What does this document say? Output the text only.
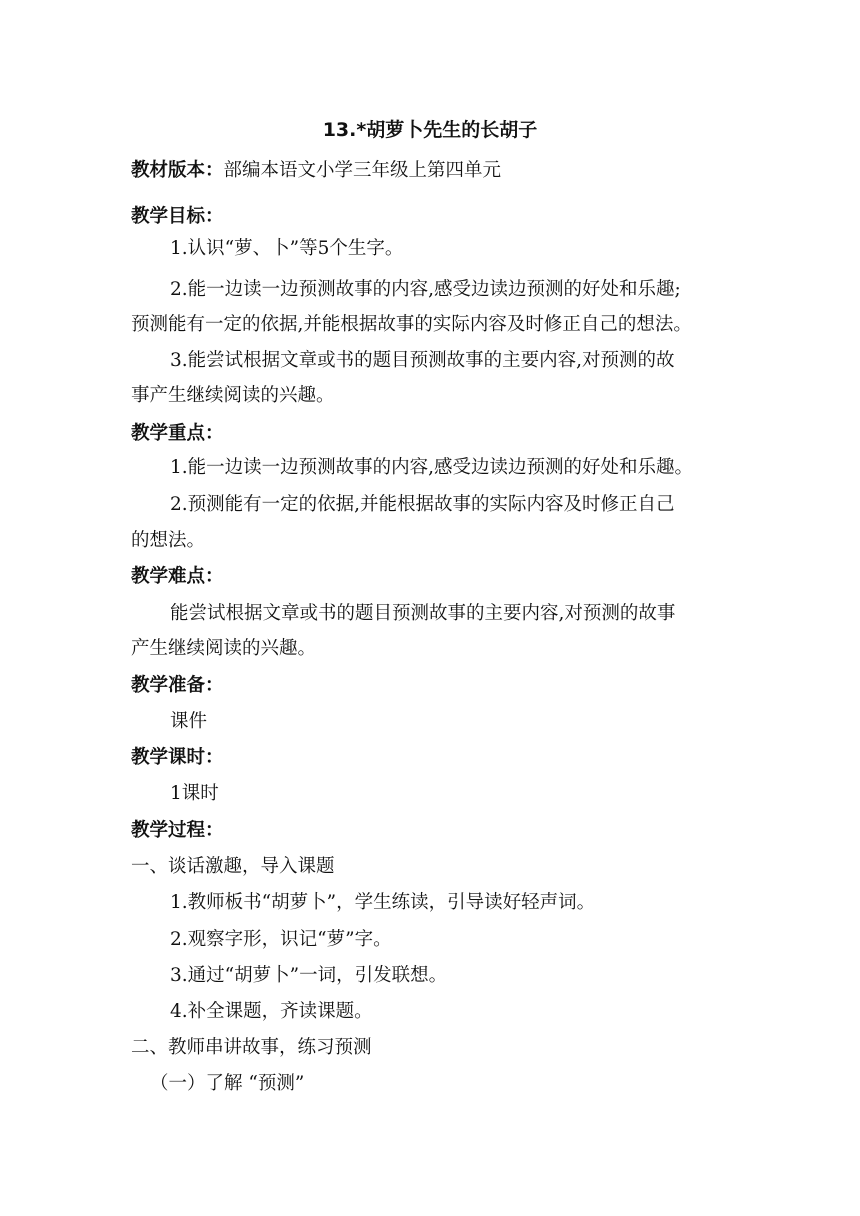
13.*胡萝卜先生的长胡子
教材版本：部编本语文小学三年级上第四单元
教学目标：
1.认识“萝、卜”等5个生字。
2.能一边读一边预测故事的内容,感受边读边预测的好处和乐趣;
预测能有一定的依据,并能根据故事的实际内容及时修正自己的想法。
3.能尝试根据文章或书的题目预测故事的主要内容,对预测的故
事产生继续阅读的兴趣。
教学重点：
1.能一边读一边预测故事的内容,感受边读边预测的好处和乐趣。
2.预测能有一定的依据,并能根据故事的实际内容及时修正自己
的想法。
教学难点：
能尝试根据文章或书的题目预测故事的主要内容,对预测的故事
产生继续阅读的兴趣。
教学准备：
课件
教学课时：
1课时
教学过程：
一、谈话激趣，导入课题
1.教师板书“胡萝卜”，学生练读，引导读好轻声词。
2.观察字形，识记“萝”字。
3.通过“胡萝卜”一词，引发联想。
4.补全课题，齐读课题。
二、教师串讲故事，练习预测
（一）了解 “预测”
